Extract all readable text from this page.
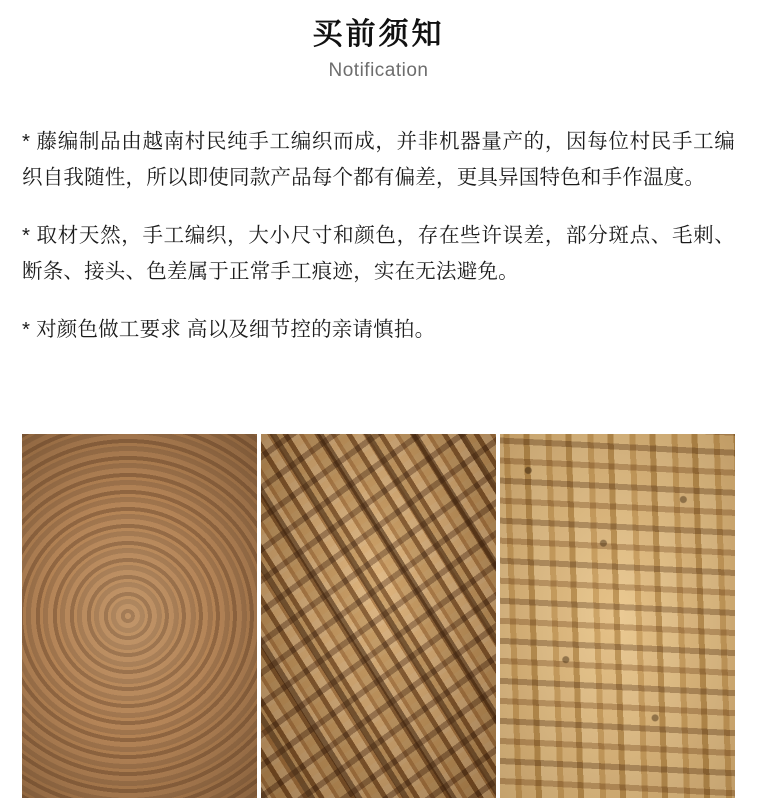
买前须知
Notification

* 藤编制品由越南村民纯手工编织而成，并非机器量产的，因每位村民手工编织自我随性，所以即使同款产品每个都有偏差，更具异国特色和手作温度。

* 取材天然，手工编织，大小尺寸和颜色，存在些许误差，部分斑点、毛刺、断条、接头、色差属于正常手工痕迹，实在无法避免。

* 对颜色做工要求 高以及细节控的亲请慎拍。
